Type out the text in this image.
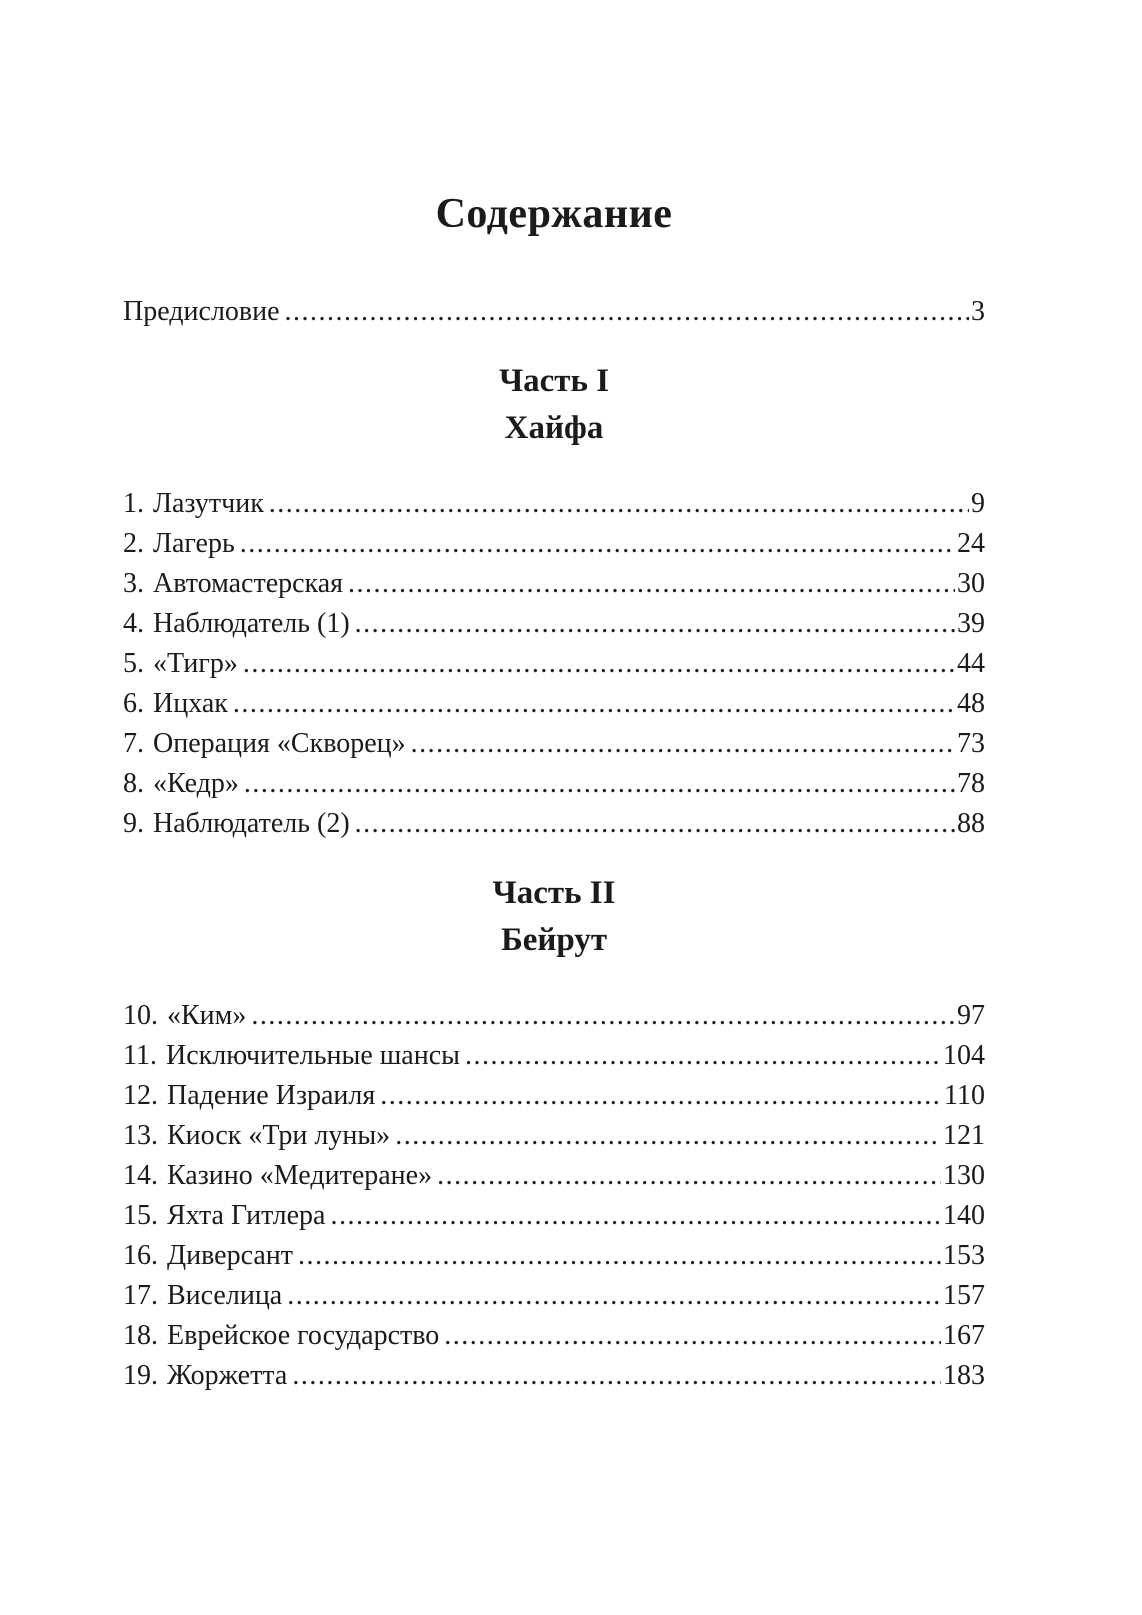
Содержание
Предисловие .....	3
Часть I
Хайфа
1. Лазутчик .....	9
2. Лагерь .....	24
3. Автомастерская .....	30
4. Наблюдатель (1) .....	39
5. «Тигр» .....	44
6. Ицхак .....	48
7. Операция «Скворец» .....	73
8. «Кедр» .....	78
9. Наблюдатель (2) .....	88
Часть II
Бейрут
10. «Ким» .....	97
11. Исключительные шансы .....	104
12. Падение Израиля .....	110
13. Киоск «Три луны» .....	121
14. Казино «Медитеране» .....	130
15. Яхта Гитлера .....	140
16. Диверсант .....	153
17. Виселица .....	157
18. Еврейское государство .....	167
19. Жоржетта .....	183
